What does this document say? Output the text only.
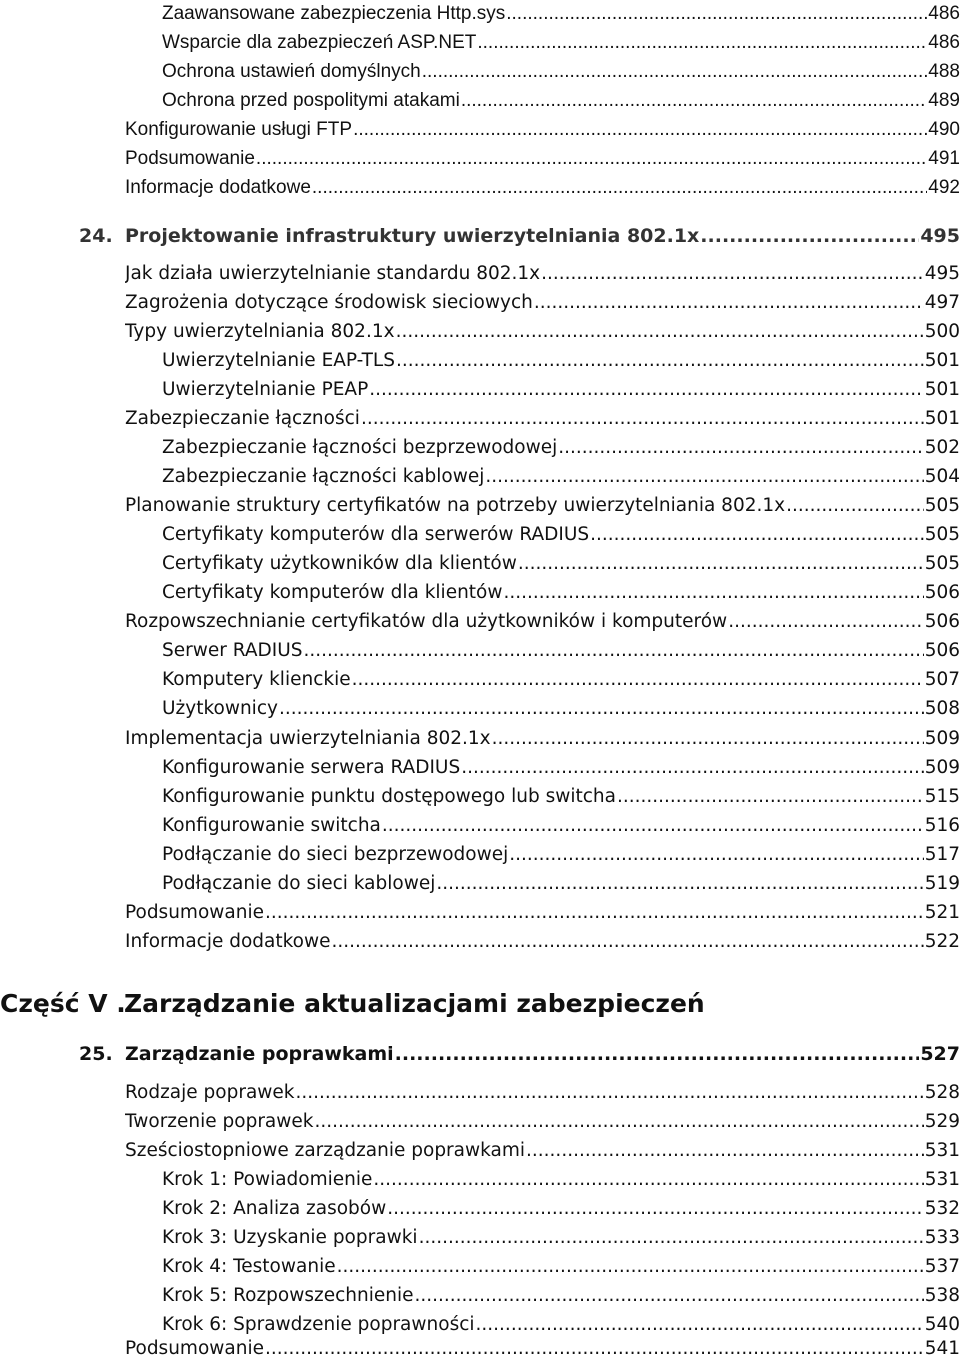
Zaawansowane zabezpieczenia Http.sys .....	486
Wsparcie dla zabezpieczeń ASP.NET .....	486
Ochrona ustawień domyślnych .....	488
Ochrona przed pospolitymi atakami .....	489
Konfigurowanie usługi FTP .....	490
Podsumowanie .....	491
Informacje dodatkowe .....	492
24. Projektowanie infrastruktury uwierzytelniania 802.1x .....	495
Jak działa uwierzytelnianie standardu 802.1x .....	495
Zagrożenia dotyczące środowisk sieciowych .....	497
Typy uwierzytelniania 802.1x .....	500
Uwierzytelnianie EAP-TLS .....	501
Uwierzytelnianie PEAP .....	501
Zabezpieczanie łączności .....	501
Zabezpieczanie łączności bezprzewodowej .....	502
Zabezpieczanie łączności kablowej .....	504
Planowanie struktury certyfikatów na potrzeby uwierzytelniania 802.1x .....	505
Certyfikaty komputerów dla serwerów RADIUS .....	505
Certyfikaty użytkowników dla klientów .....	505
Certyfikaty komputerów dla klientów .....	506
Rozpowszechnianie certyfikatów dla użytkowników i komputerów .....	506
Serwer RADIUS .....	506
Komputery klienckie .....	507
Użytkownicy .....	508
Implementacja uwierzytelniania 802.1x .....	509
Konfigurowanie serwera RADIUS .....	509
Konfigurowanie punktu dostępowego lub switcha .....	515
Konfigurowanie switcha .....	516
Podłączanie do sieci bezprzewodowej .....	517
Podłączanie do sieci kablowej .....	519
Podsumowanie .....	521
Informacje dodatkowe .....	522
Część V .Zarządzanie aktualizacjami zabezpieczeń
25. Zarządzanie poprawkami .....	527
Rodzaje poprawek .....	528
Tworzenie poprawek .....	529
Sześciostopniowe zarządzanie poprawkami .....	531
Krok 1: Powiadomienie .....	531
Krok 2: Analiza zasobów .....	532
Krok 3: Uzyskanie poprawki .....	533
Krok 4: Testowanie .....	537
Krok 5: Rozpowszechnienie .....	538
Krok 6: Sprawdzenie poprawności .....	540
Podsumowanie .....	541
